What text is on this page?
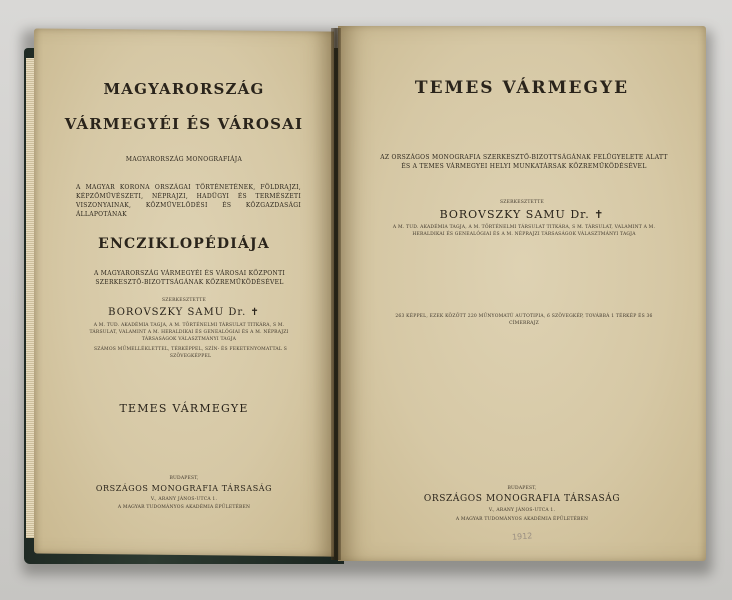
MAGYARORSZÁG
VÁRMEGYÉI ÉS VÁROSAI
MAGYARORSZÁG MONOGRAFIÁJA
A MAGYAR KORONA ORSZÁGAI TÖRTÉNETÉNEK, FÖLDRAJZI, KÉPZŐMŰVÉSZETI, NÉPRAJZI, HADÜGYI ÉS TERMÉSZETI VISZONYAINAK, KÖZMŰVELŐDÉSI ÉS KÖZGAZDASÁGI ÁLLAPOTÁNAK
ENCZIKLOPÉDIÁJA
A MAGYARORSZÁG VÁRMEGYÉI ÉS VÁROSAI KÖZPONTI SZERKESZTŐ-BIZOTTSÁGÁNAK KÖZREMŰKÖDÉSÉVEL
SZERKESZTETTE
BOROVSZKY SAMU Dr. ✝
A M. TUD. AKADÉMIA TAGJA, A M. TÖRTÉNELMI TÁRSULAT TITKÁRA, S M. TÁRSULAT, VALAMINT A M. HERALDIKAI ÉS GENEALÓGIAI ÉS A M. NÉPRAJZI TÁRSASÁGOK VÁLASZTMÁNYI TAGJA
SZÁMOS MŰMELLÉKLETTEL, TÉRKÉPPEL, SZÍN- ÉS FEKETENYOMATTAL S SZÖVEGKÉPPEL
TEMES VÁRMEGYE
BUDAPEST,
ORSZÁGOS MONOGRAFIA TÁRSASÁG
V., ARANY JÁNOS-UTCA 1.
A MAGYAR TUDOMÁNYOS AKADÉMIA ÉPÜLETÉBEN
TEMES VÁRMEGYE
AZ ORSZÁGOS MONOGRAFIA SZERKESZTŐ-BIZOTTSÁGÁNAK FELÜGYELETE ALATT ÉS A TEMES VÁRMEGYEI HELYI MUNKATÁRSAK KÖZREMŰKÖDÉSÉVEL
SZERKESZTETTE
BOROVSZKY SAMU Dr. ✝
A M. TUD. AKADÉMIA TAGJA, A M. TÖRTÉNELMI TÁRSULAT TITKÁRA, S M. TÁRSULAT, VALAMINT A M. HERALDIKAI ÉS GENEALÓGIAI ÉS A M. NÉPRAJZI TÁRSASÁGOK VÁLASZTMÁNYI TAGJA
263 KÉPPEL, EZEK KÖZÖTT 220 MŰNYOMATÚ AUTOTIPIA, 6 SZÖVEGKÉP, TOVÁBBÁ 1 TÉRKÉP ÉS 36 CÍMERRAJZ
BUDAPEST,
ORSZÁGOS MONOGRAFIA TÁRSASÁG
V., ARANY JÁNOS-UTCA 1.
A MAGYAR TUDOMÁNYOS AKADÉMIA ÉPÜLETÉBEN
1912
